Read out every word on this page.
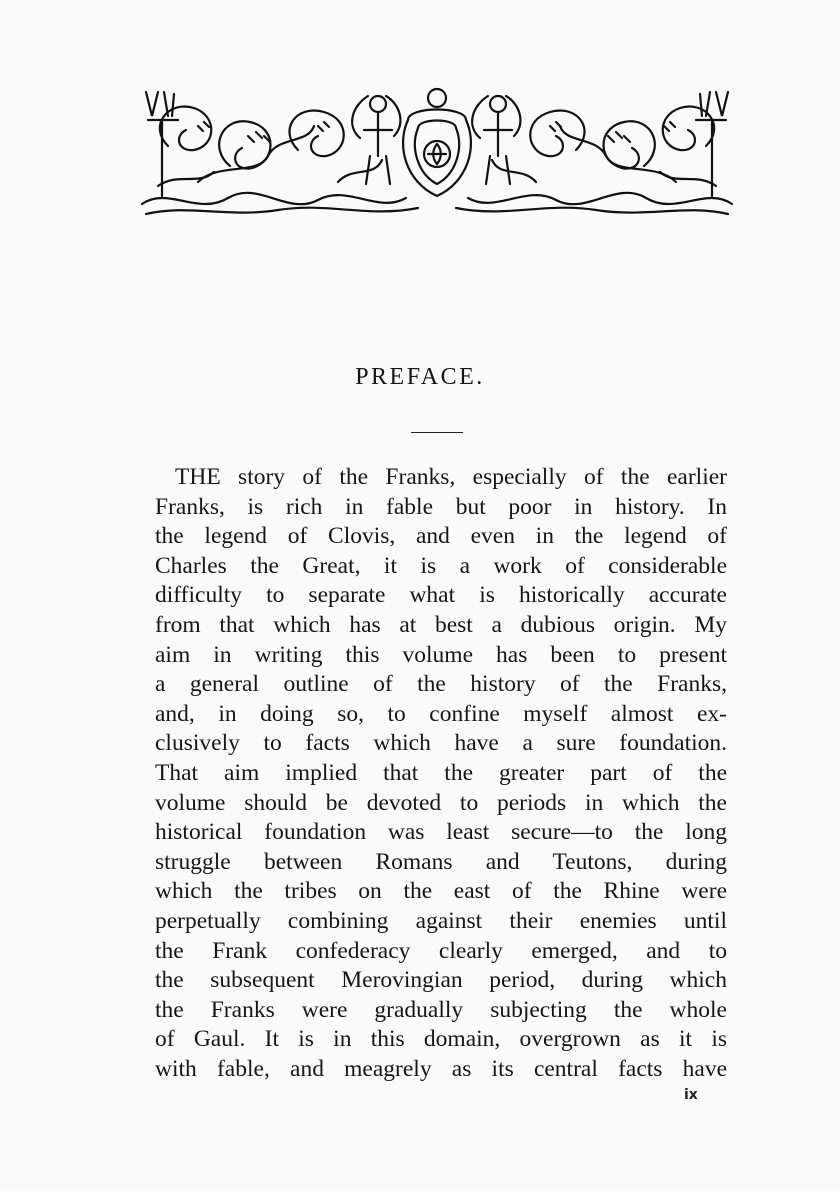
PREFACE.
THE story of the Franks, especially of the earlier
Franks, is rich in fable but poor in history. In
the legend of Clovis, and even in the legend of
Charles the Great, it is a work of considerable
difficulty to separate what is historically accurate
from that which has at best a dubious origin. My
aim in writing this volume has been to present
a general outline of the history of the Franks,
and, in doing so, to confine myself almost ex-
clusively to facts which have a sure foundation.
That aim implied that the greater part of the
volume should be devoted to periods in which the
historical foundation was least secure—to the long
struggle between Romans and Teutons, during
which the tribes on the east of the Rhine were
perpetually combining against their enemies until
the Frank confederacy clearly emerged, and to
the subsequent Merovingian period, during which
the Franks were gradually subjecting the whole
of Gaul. It is in this domain, overgrown as it is
with fable, and meagrely as its central facts have

ix
